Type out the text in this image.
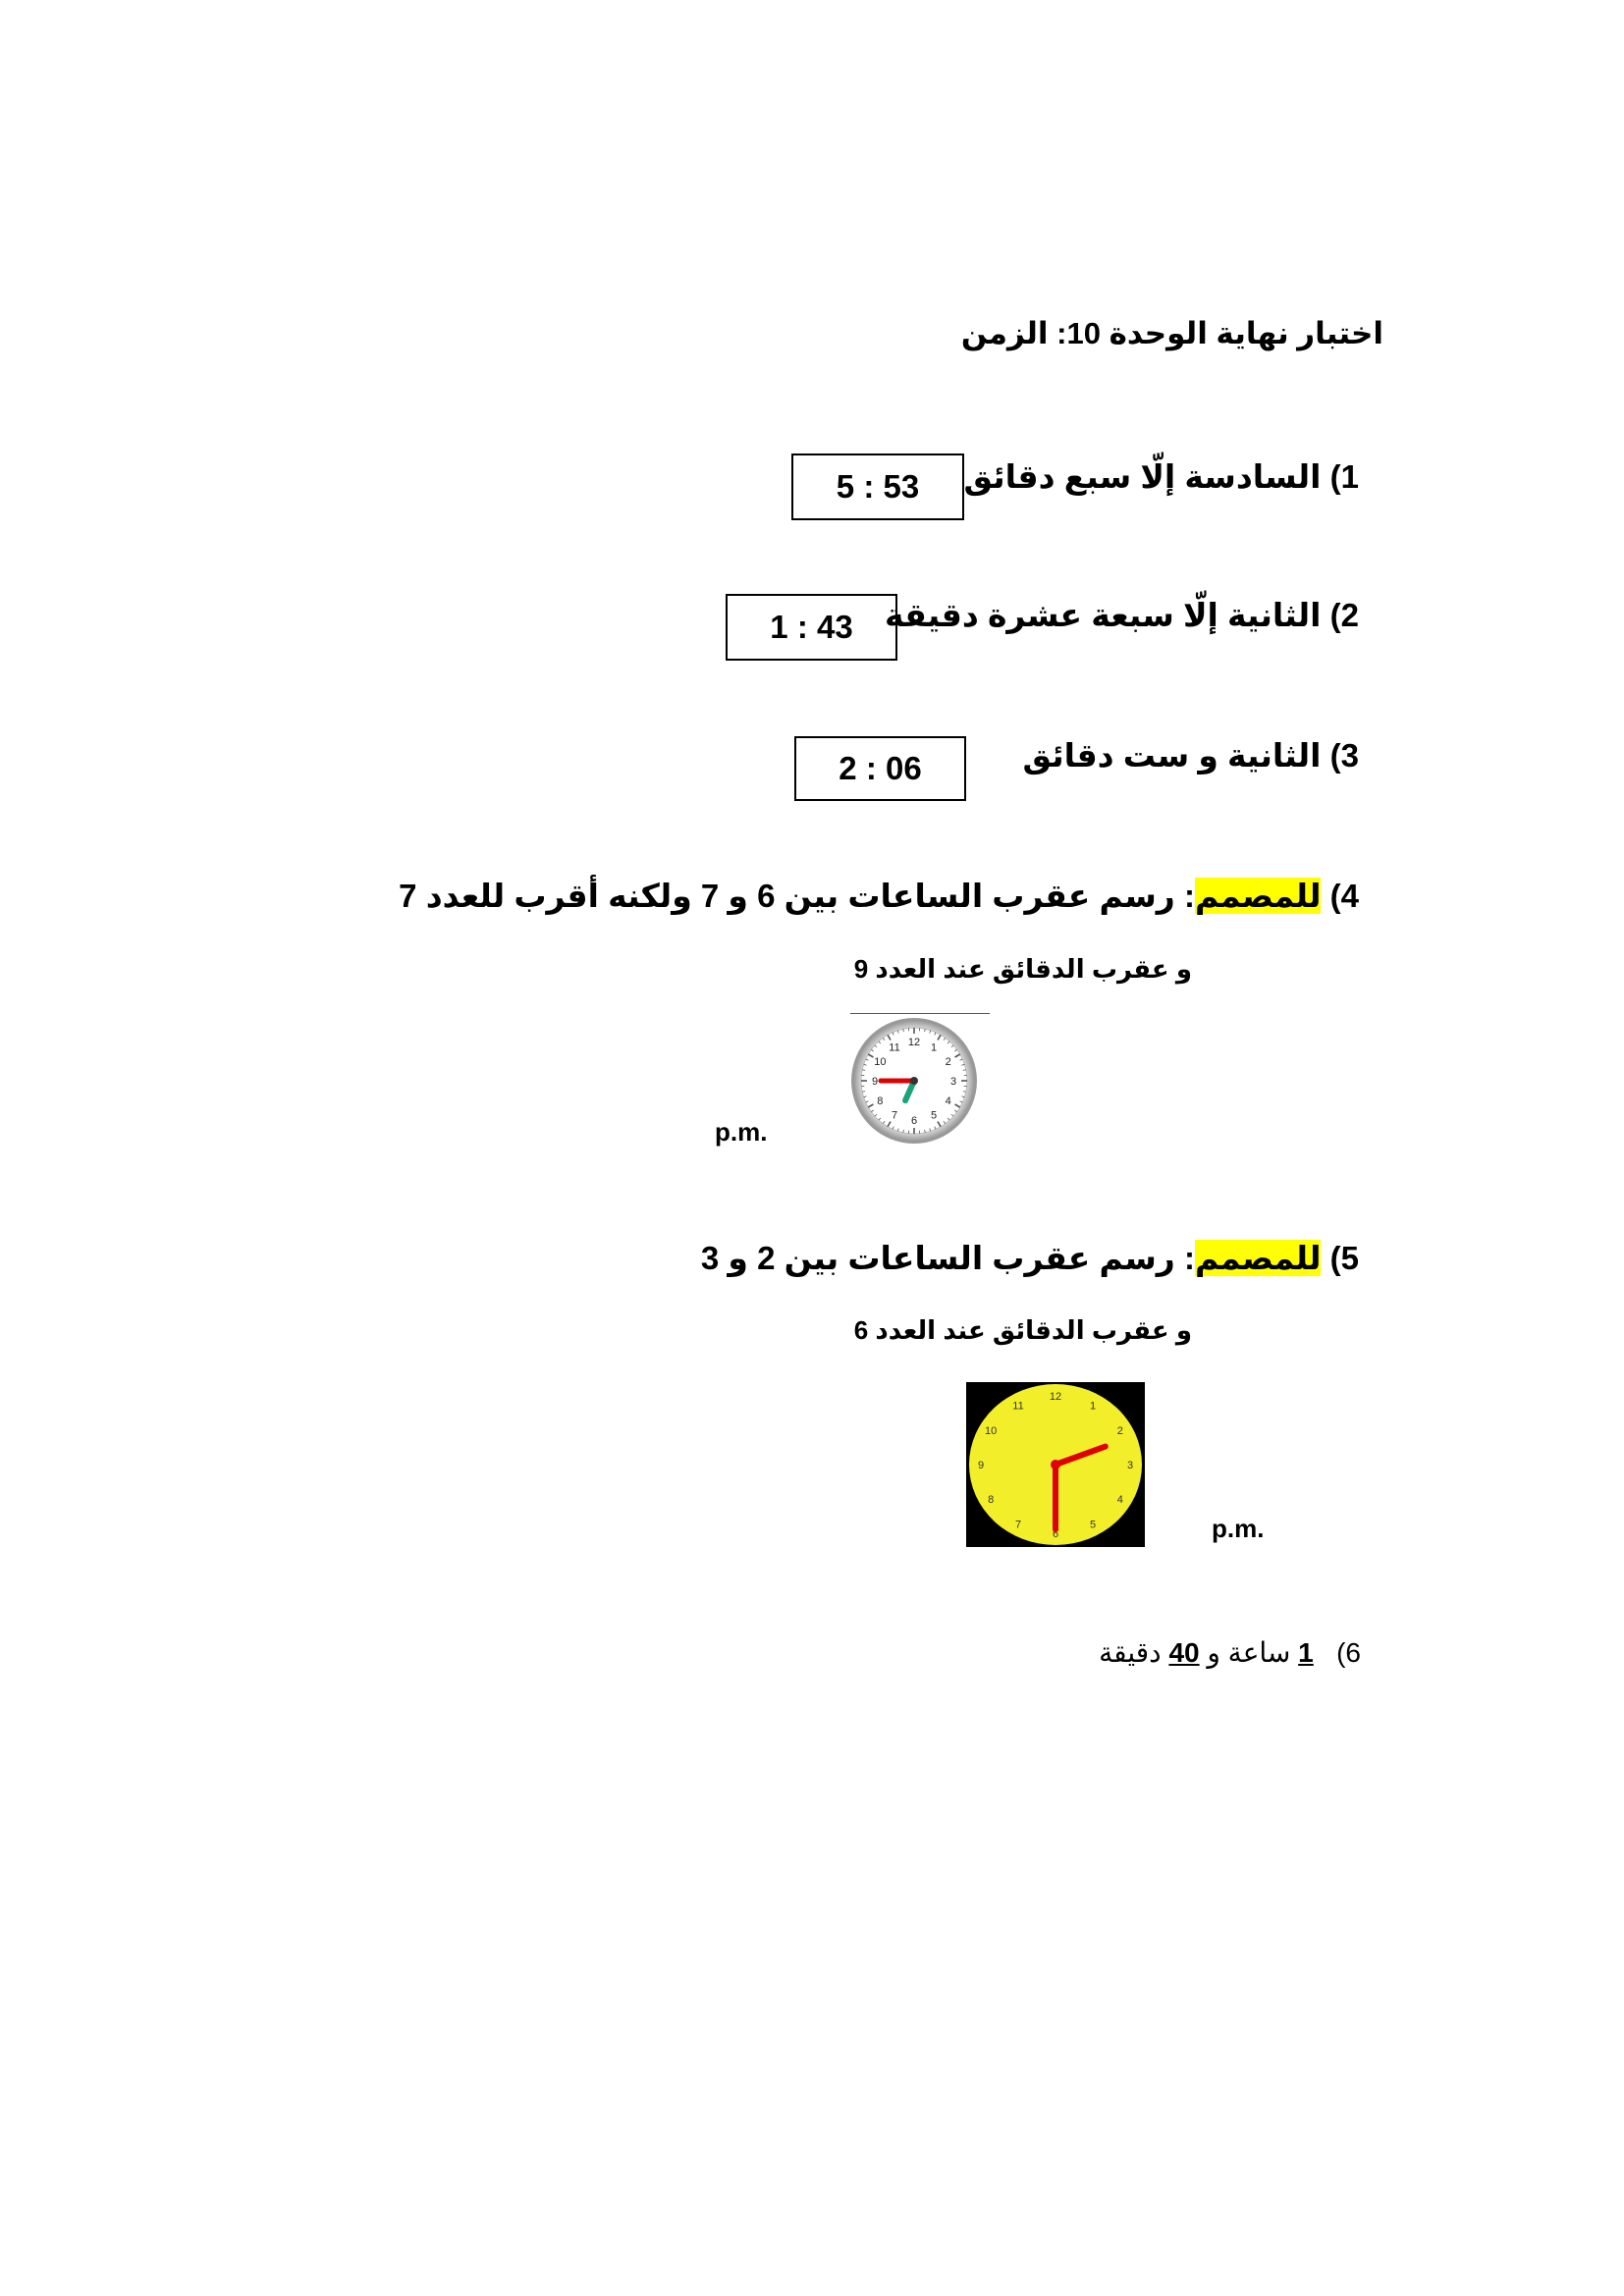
اختبار نهاية الوحدة 10: الزمن
1) السادسة إلّا سبع دقائق
5 : 53
2) الثانية إلّا سبعة عشرة دقيقة
1 : 43
3) الثانية و ست دقائق
2 : 06
4) للمصمم: رسم عقرب الساعات بين 6 و 7 ولكنه أقرب للعدد 7
و عقرب الدقائق عند العدد 9
12 1
2
3
4
5
6
7
8
9
10
11
p.m.
5) للمصمم: رسم عقرب الساعات بين 2 و 3
و عقرب الدقائق عند العدد 6
12
1
2
3
4
5
6
7
8
9
10
11
p.m.
6)   1 ساعة و 40 دقيقة
